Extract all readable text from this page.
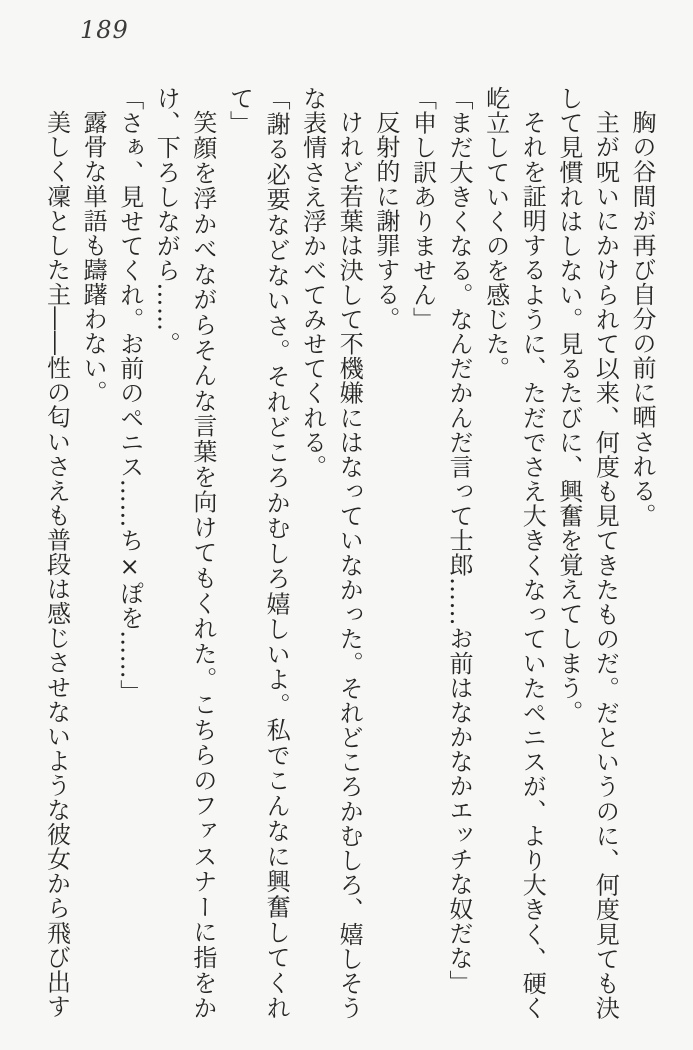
189

胸の谷間が再び自分の前に晒される。

主が呪いにかけられて以来、何度も見てきたものだ。だというのに、何度見ても決して見慣れはしない。見るたびに、興奮を覚えてしまう。

それを証明するように、ただでさえ大きくなっていたペニスが、より大きく、硬く屹立していくのを感じた。

「まだ大きくなる。なんだかんだ言って士郎……お前はなかなかエッチな奴だな」

「申し訳ありません」

反射的に謝罪する。

けれど若葉は決して不機嫌にはなっていなかった。それどころかむしろ、嬉しそうな表情さえ浮かべてみせてくれる。

「謝る必要などないさ。それどころかむしろ嬉しいよ。私でこんなに興奮してくれて」

笑顔を浮かべながらそんな言葉を向けてもくれた。こちらのファスナーに指をかけ、下ろしながら……。

「さぁ、見せてくれ。お前のペニス……ち×ぽを……」

露骨な単語も躊躇わない。

美しく凜とした主――性の匂いさえも普段は感じさせないような彼女から飛び出す
